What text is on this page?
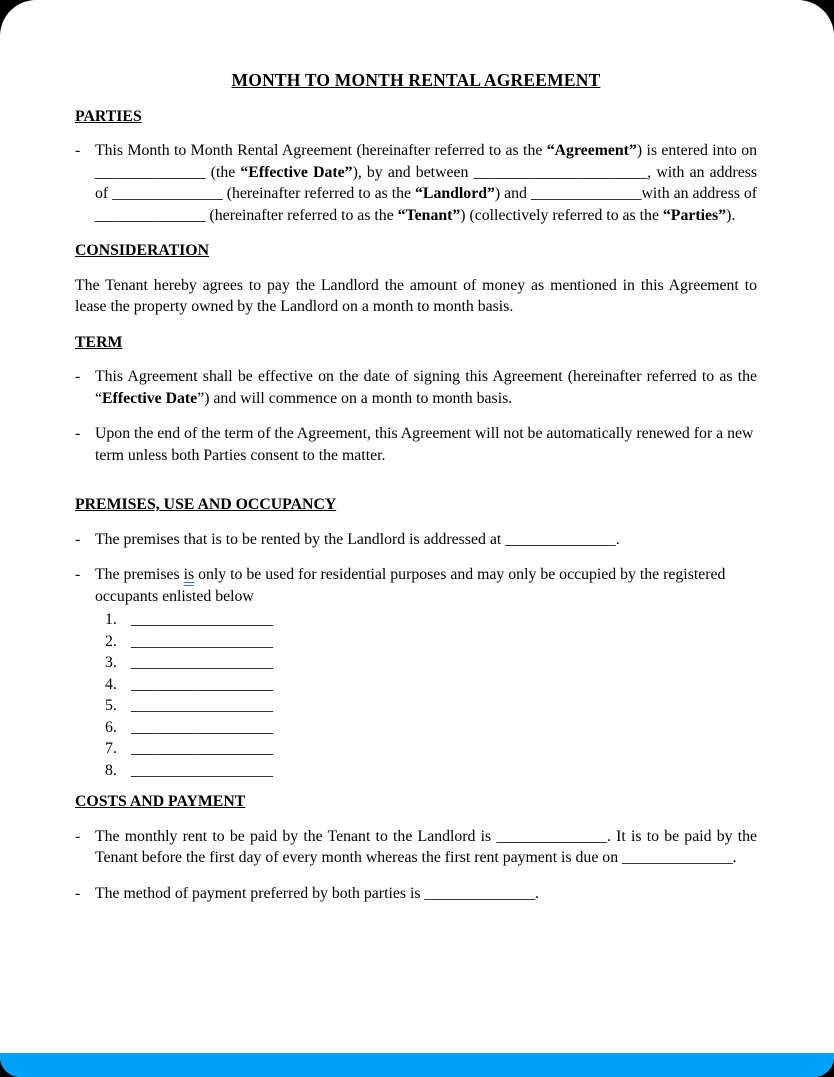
MONTH TO MONTH RENTAL AGREEMENT
PARTIES
- This Month to Month Rental Agreement (hereinafter referred to as the “Agreement”) is entered into on ______________ (the “Effective Date”), by and between ______________________, with an address of ______________ (hereinafter referred to as the “Landlord”) and ______________with an address of ______________ (hereinafter referred to as the “Tenant”) (collectively referred to as the “Parties”).
CONSIDERATION
The Tenant hereby agrees to pay the Landlord the amount of money as mentioned in this Agreement to lease the property owned by the Landlord on a month to month basis.
TERM
- This Agreement shall be effective on the date of signing this Agreement (hereinafter referred to as the “Effective Date”) and will commence on a month to month basis.
- Upon the end of the term of the Agreement, this Agreement will not be automatically renewed for a new term unless both Parties consent to the matter.
PREMISES, USE AND OCCUPANCY
- The premises that is to be rented by the Landlord is addressed at ______________.
- The premises is only to be used for residential purposes and may only be occupied by the registered occupants enlisted below
1. __________________
2. __________________
3. __________________
4. __________________
5. __________________
6. __________________
7. __________________
8. __________________
COSTS AND PAYMENT
- The monthly rent to be paid by the Tenant to the Landlord is ______________. It is to be paid by the Tenant before the first day of every month whereas the first rent payment is due on ______________.
- The method of payment preferred by both parties is ______________.
